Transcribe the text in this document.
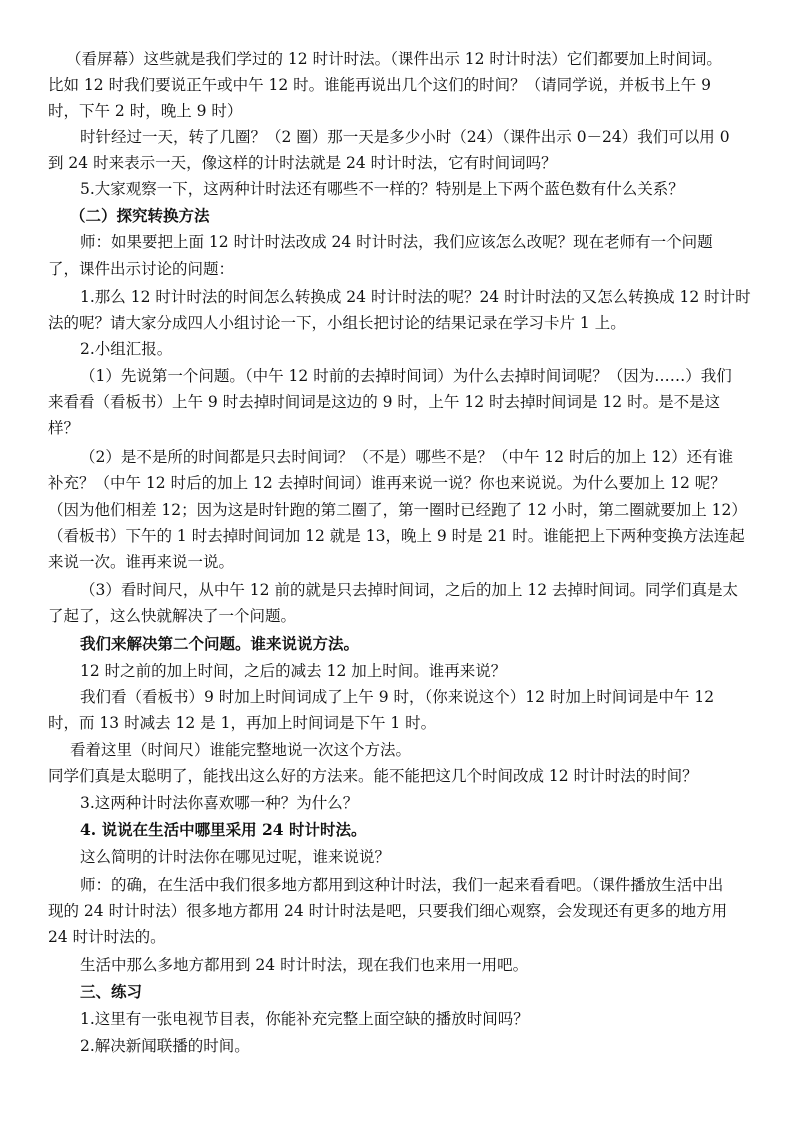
（看屏幕）这些就是我们学过的 12 时计时法。（课件出示 12 时计时法）它们都要加上时间词。
比如 12 时我们要说正午或中午 12 时。谁能再说出几个这们的时间？（请同学说，并板书上午 9
时，下午 2 时，晚上 9 时）
时针经过一天，转了几圈？（2 圈）那一天是多少小时（24）（课件出示 0－24）我们可以用 0
到 24 时来表示一天，像这样的计时法就是 24 时计时法，它有时间词吗？
5.大家观察一下，这两种计时法还有哪些不一样的？特别是上下两个蓝色数有什么关系？
（二）探究转换方法
师：如果要把上面 12 时计时法改成 24 时计时法，我们应该怎么改呢？现在老师有一个问题
了，课件出示讨论的问题：
1.那么 12 时计时法的时间怎么转换成 24 时计时法的呢？24 时计时法的又怎么转换成 12 时计时
法的呢？请大家分成四人小组讨论一下，小组长把讨论的结果记录在学习卡片 1 上。
2.小组汇报。
（1）先说第一个问题。（中午 12 时前的去掉时间词）为什么去掉时间词呢？（因为……）我们
来看看（看板书）上午 9 时去掉时间词是这边的 9 时，上午 12 时去掉时间词是 12 时。是不是这
样？
（2）是不是所的时间都是只去时间词？（不是）哪些不是？（中午 12 时后的加上 12）还有谁
补充？（中午 12 时后的加上 12 去掉时间词）谁再来说一说？你也来说说。为什么要加上 12 呢？
（因为他们相差 12；因为这是时针跑的第二圈了，第一圈时已经跑了 12 小时，第二圈就要加上 12）
（看板书）下午的 1 时去掉时间词加 12 就是 13，晚上 9 时是 21 时。谁能把上下两种变换方法连起
来说一次。谁再来说一说。
（3）看时间尺，从中午 12 前的就是只去掉时间词，之后的加上 12 去掉时间词。同学们真是太
了起了，这么快就解决了一个问题。
我们来解决第二个问题。谁来说说方法。
12 时之前的加上时间，之后的减去 12 加上时间。谁再来说？
我们看（看板书）9 时加上时间词成了上午 9 时，（你来说这个）12 时加上时间词是中午 12
时，而 13 时减去 12 是 1，再加上时间词是下午 1 时。
看着这里（时间尺）谁能完整地说一次这个方法。
同学们真是太聪明了，能找出这么好的方法来。能不能把这几个时间改成 12 时计时法的时间？
3.这两种计时法你喜欢哪一种？为什么？
4. 说说在生活中哪里采用 24 时计时法。
这么简明的计时法你在哪见过呢，谁来说说？
师：的确，在生活中我们很多地方都用到这种计时法，我们一起来看看吧。（课件播放生活中出
现的 24 时计时法）很多地方都用 24 时计时法是吧，只要我们细心观察，会发现还有更多的地方用
24 时计时法的。
生活中那么多地方都用到 24 时计时法，现在我们也来用一用吧。
三、练习
1.这里有一张电视节目表，你能补充完整上面空缺的播放时间吗？
2.解决新闻联播的时间。
